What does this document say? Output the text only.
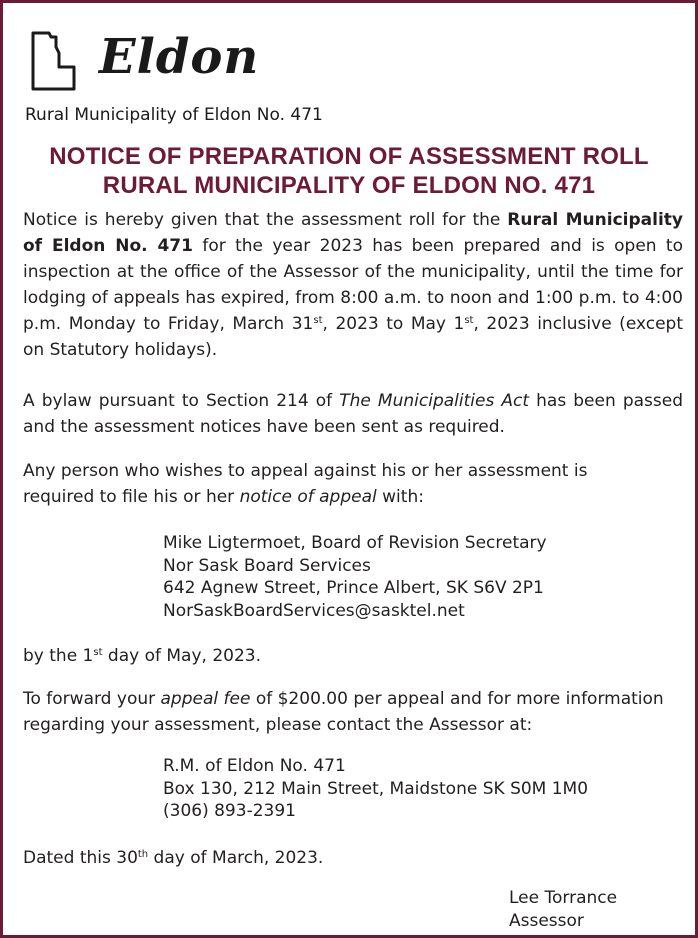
Eldon
Rural Municipality of Eldon No. 471
NOTICE OF PREPARATION OF ASSESSMENT ROLL
RURAL MUNICIPALITY OF ELDON NO. 471

Notice is hereby given that the assessment roll for the Rural Municipality of Eldon No. 471 for the year 2023 has been prepared and is open to inspection at the office of the Assessor of the municipality, until the time for lodging of appeals has expired, from 8:00 a.m. to noon and 1:00 p.m. to 4:00 p.m. Monday to Friday, March 31st, 2023 to May 1st, 2023 inclusive (except on Statutory holidays).

A bylaw pursuant to Section 214 of The Municipalities Act has been passed and the assessment notices have been sent as required.

Any person who wishes to appeal against his or her assessment is
required to file his or her notice of appeal with:

Mike Ligtermoet, Board of Revision Secretary
Nor Sask Board Services
642 Agnew Street, Prince Albert, SK S6V 2P1
NorSaskBoardServices@sasktel.net

by the 1st day of May, 2023.

To forward your appeal fee of $200.00 per appeal and for more information regarding your assessment, please contact the Assessor at:

R.M. of Eldon No. 471
Box 130, 212 Main Street, Maidstone SK S0M 1M0
(306) 893-2391

Dated this 30th day of March, 2023.

Lee Torrance
Assessor
